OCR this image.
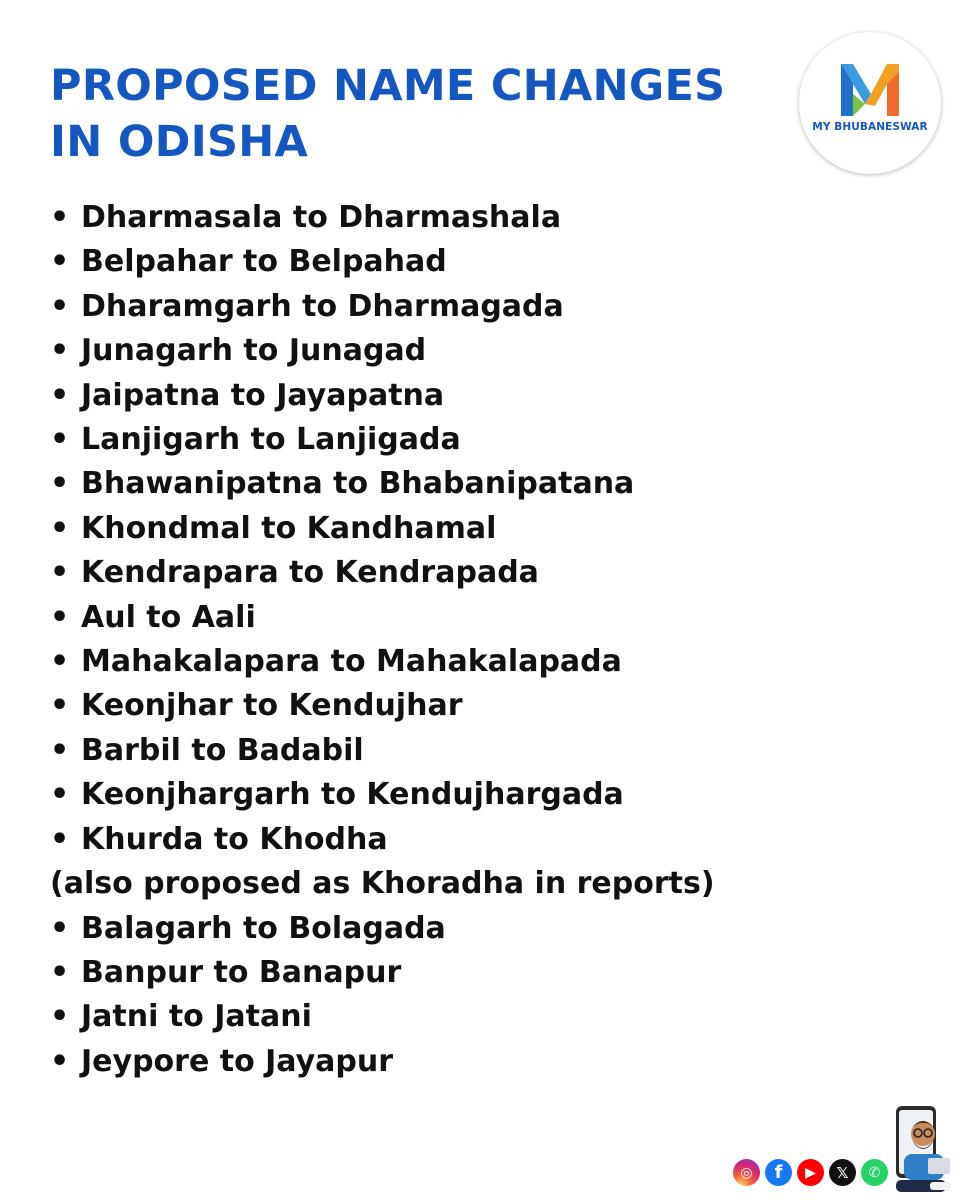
PROPOSED NAME CHANGES
IN ODISHA	MY BHUBANESWAR
• Dharmasala to Dharmashala
• Belpahar to Belpahad
• Dharamgarh to Dharmagada
• Junagarh to Junagad
• Jaipatna to Jayapatna
• Lanjigarh to Lanjigada
• Bhawanipatna to Bhabanipatana
• Khondmal to Kandhamal
• Kendrapara to Kendrapada
• Aul to Aali
• Mahakalapara to Mahakalapada
• Keonjhar to Kendujhar
• Barbil to Badabil
• Keonjhargarh to Kendujhargada
• Khurda to Khodha
(also proposed as Khoradha in reports)
• Balagarh to Bolagada
• Banpur to Banapur
• Jatni to Jatani
• Jeypore to Jayapur
◎	f	▶	𝕏	✆
